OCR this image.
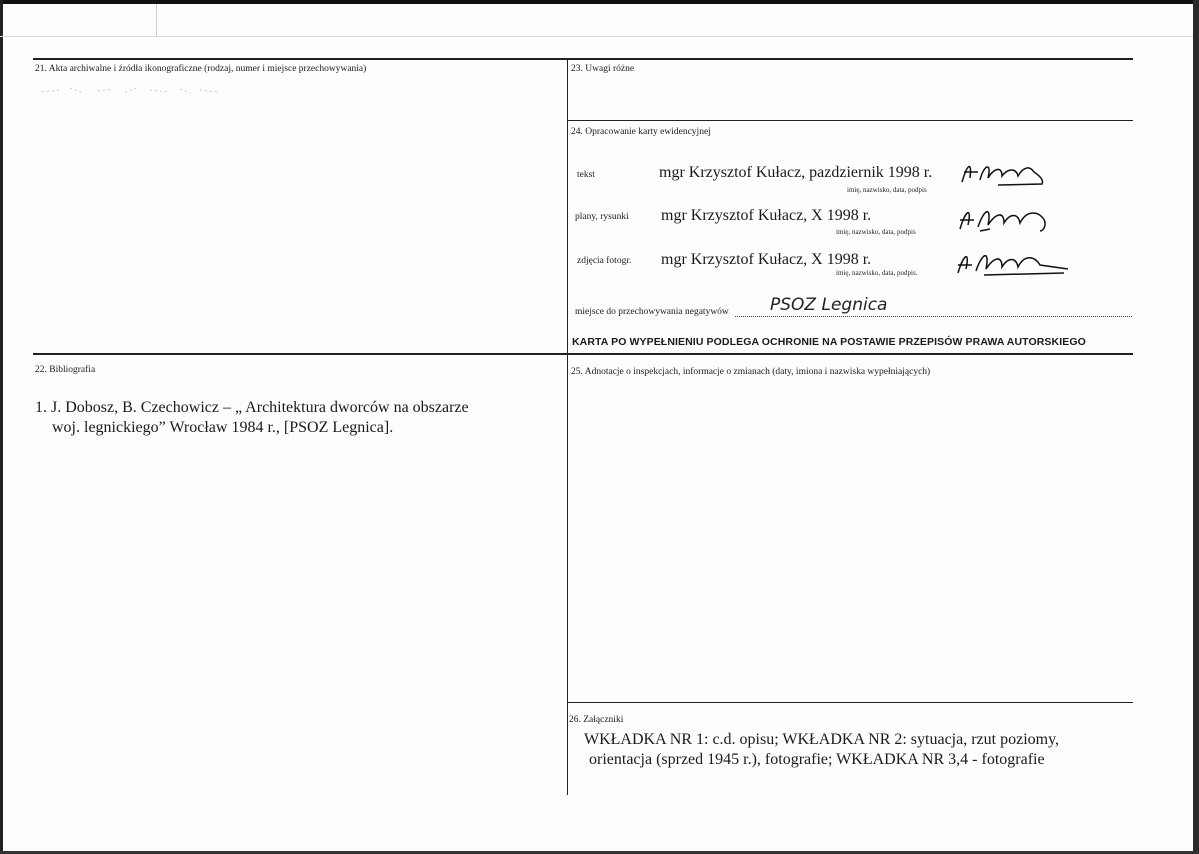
21. Akta archiwalne i źródła ikonograficzne (rodzaj, numer i miejsce przechowywania)
22. Bibliografia
1. J. Dobosz, B. Czechowicz – „ Architektura dworców na obszarze
woj. legnickiego” Wrocław 1984 r., [PSOZ Legnica].
23. Uwagi różne
24. Opracowanie karty ewidencyjnej
tekst	mgr Krzysztof Kułacz, pazdziernik 1998 r.
imię, nazwisko, data, podpis
plany, rysunki mgr Krzysztof Kułacz, X 1998 r.
imię, nazwisko, data, podpis
zdjęcia fotogr. mgr Krzysztof Kułacz, X 1998 r.
imię, nazwisko, data, podpis.
miejsce do przechowywania negatywów PSOZ Legnica
KARTA PO WYPEŁNIENIU PODLEGA OCHRONIE NA POSTAWIE PRZEPISÓW PRAWA AUTORSKIEGO
25. Adnotacje o inspekcjach, informacje o zmianach (daty, imiona i nazwiska wypełniających)
26. Załączniki
WKŁADKA NR 1: c.d. opisu; WKŁADKA NR 2: sytuacja, rzut poziomy,
orientacja (sprzed 1945 r.), fotografie; WKŁADKA NR 3,4 - fotografie
